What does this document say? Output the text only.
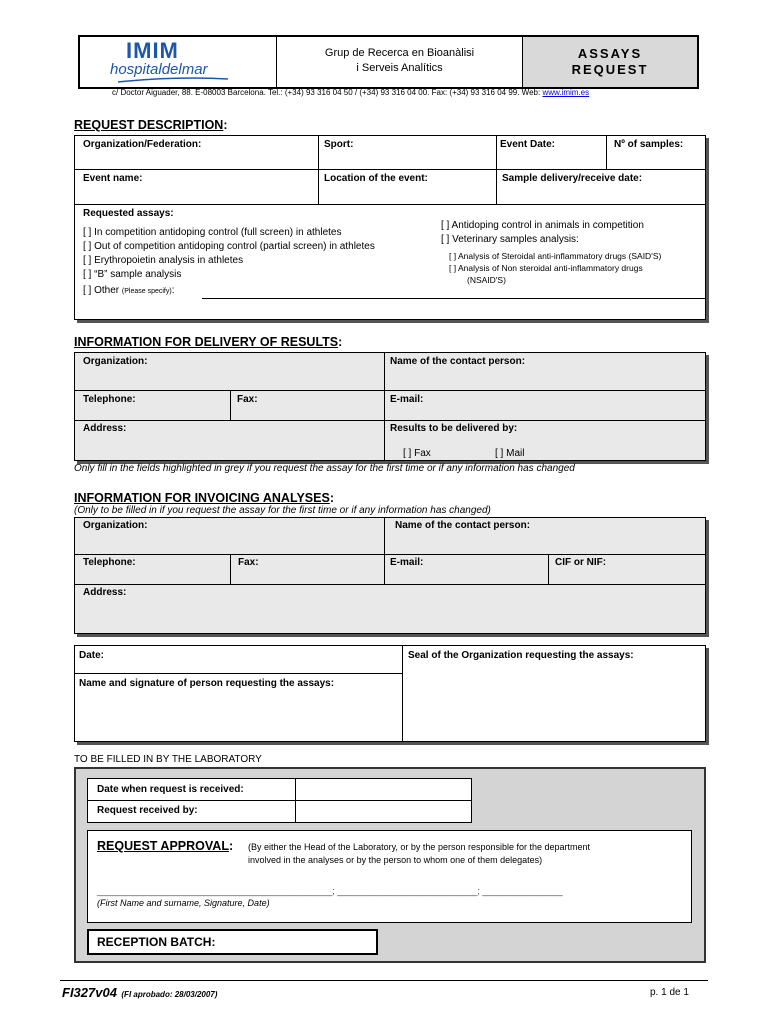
IMIM
hospitaldelmar
Grup de Recerca en Bioanàlisi
i Serveis Analítics
ASSAYS
REQUEST
c/ Doctor Aiguader, 88. E-08003 Barcelona. Tel.: (+34) 93 316 04 50 / (+34) 93 316 04 00. Fax: (+34) 93 316 04 99. Web: www.imim.es
REQUEST DESCRIPTION:
Organization/Federation:	Sport:	Event Date:	Nº of samples:
Event name:	Location of the event:	Sample delivery/receive date:
Requested assays:
[ ] In competition antidoping control (full screen) in athletes
[ ] Out of competition antidoping control (partial screen) in athletes
[ ] Erythropoietin analysis in athletes
[ ] “B” sample analysis
[ ] Other (Please specify):
[ ] Antidoping control in animals in competition
[ ] Veterinary samples analysis:
[ ] Analysis of Steroidal anti-inflammatory drugs (SAID'S)
[ ] Analysis of Non steroidal anti-inflammatory drugs
(NSAID'S)
INFORMATION FOR DELIVERY OF RESULTS:
Organization:	Name of the contact person:
Telephone:	Fax:	E-mail:
Address:	Results to be delivered by:
[ ] Fax	[ ] Mail
Only fill in the fields highlighted in grey if you request the assay for the first time or if any information has changed
INFORMATION FOR INVOICING ANALYSES:
(Only to be filled in if you request the assay for the first time or if any information has changed)
Organization:	Name of the contact person:
Telephone:	Fax:	E-mail:	CIF or NIF:
Address:
Date:
Name and signature of person requesting the assays:
Seal of the Organization requesting the assays:
TO BE FILLED IN BY THE LABORATORY
Date when request is received:
Request received by:
REQUEST APPROVAL: (By either the Head of the Laboratory, or by the person responsible for the department
involved in the analyses or by the person to whom one of them delegates)
_______________________________________________; ____________________________; ________________
(First Name and surname, Signature, Date)
RECEPTION BATCH:
FI327v04 (FI aprobado: 28/03/2007)	p. 1 de 1
